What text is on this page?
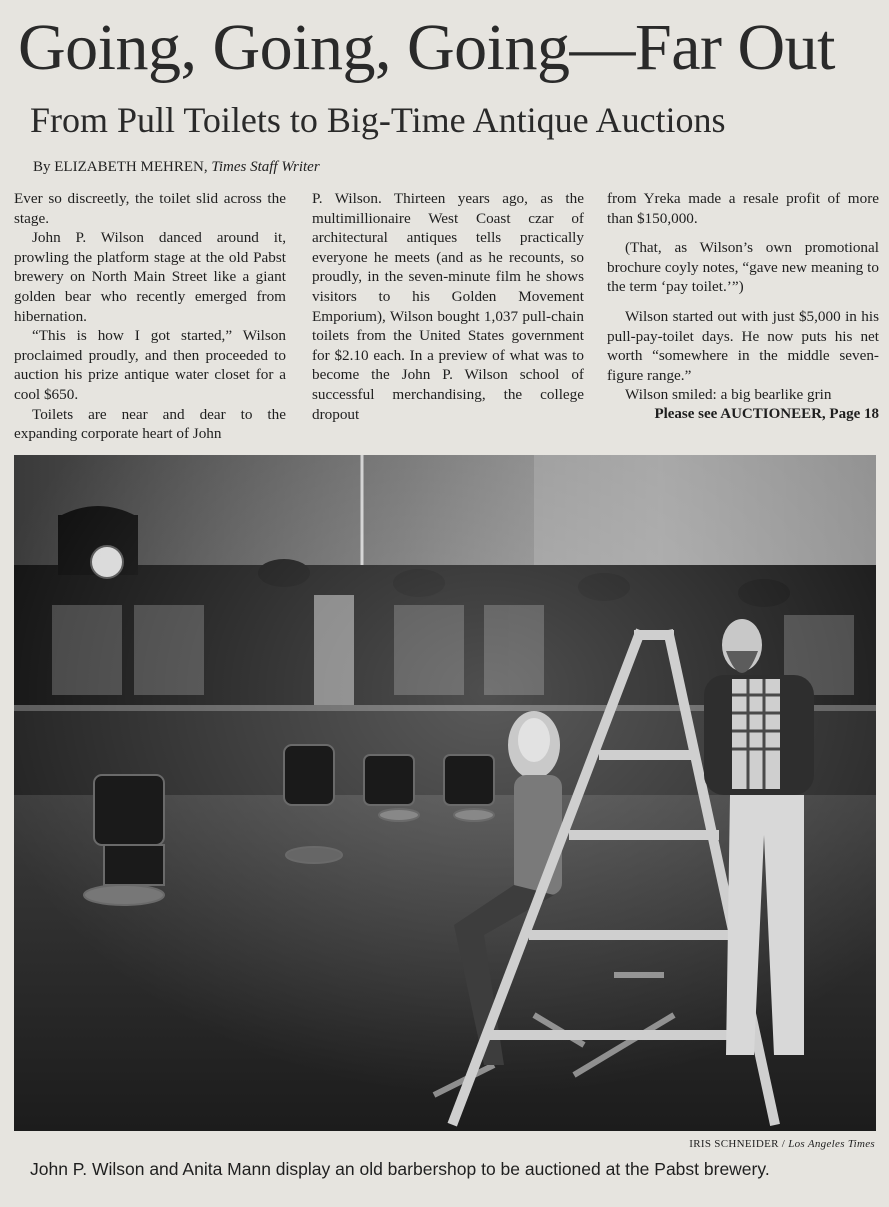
Going, Going, Going—Far Out
From Pull Toilets to Big-Time Antique Auctions
By ELIZABETH MEHREN, Times Staff Writer

Ever so discreetly, the toilet slid across the stage.

John P. Wilson danced around it, prowling the platform stage at the old Pabst brewery on North Main Street like a giant golden bear who recently emerged from hibernation.

“This is how I got started,” Wilson proclaimed proudly, and then proceeded to auction his prize antique water closet for a cool $650.

Toilets are near and dear to the expanding corporate heart of John

P. Wilson. Thirteen years ago, as the multimillionaire West Coast czar of architectural antiques tells practically everyone he meets (and as he recounts, so proudly, in the seven-minute film he shows visitors to his Golden Movement Emporium), Wilson bought 1,037 pull-chain toilets from the United States government for $2.10 each. In a preview of what was to become the John P. Wilson school of successful merchandising, the college dropout

from Yreka made a resale profit of more than $150,000.

(That, as Wilson’s own promotional brochure coyly notes, “gave new meaning to the term ‘pay toilet.’”)

Wilson started out with just $5,000 in his pull-pay-toilet days. He now puts his net worth “somewhere in the middle seven-figure range.”

Wilson smiled: a big bearlike grin

Please see AUCTIONEER, Page 18

IRIS SCHNEIDER / Los Angeles Times
John P. Wilson and Anita Mann display an old barbershop to be auctioned at the Pabst brewery.
